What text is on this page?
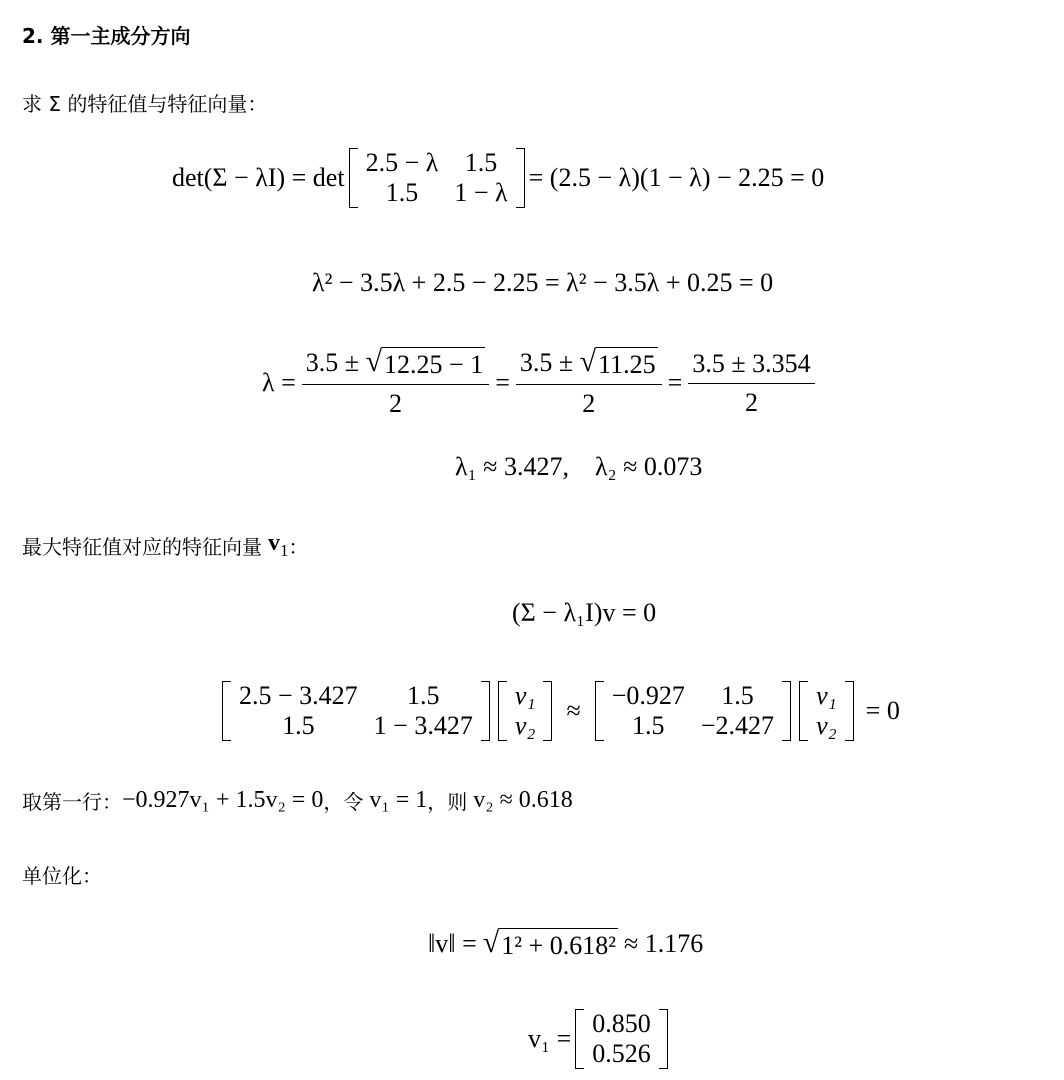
2. 第一主成分方向
求 Σ 的特征值与特征向量：
det(Σ − λI) = det
2.5 − λ	1.5
1.5	1 − λ
= (2.5 − λ)(1 − λ) − 2.25 = 0
λ² − 3.5λ + 2.5 − 2.25 = λ² − 3.5λ + 0.25 = 0
$\lambda = \frac{3.5 \pm √ 12.25 - 1}{2} = \frac{3.5 \pm √ 11.25}{2} = \frac{3.5 \pm 3.354}{2}$
λ₁ ≈ 3.427,    λ₂ ≈ 0.073
最大特征值对应的特征向量 $v_1$ ：
(Σ − λ₁I)v = 0
2.5 − 3.427	1.5
1.5	1 − 3.427
v₁
v₂
≈
−0.927	1.5
1.5	−2.427
v₁
v₂
= 0
取第一行： −0.927v₁ + 1.5v₂ = 0 ，令 v₁ = 1 ，则 v₂ ≈ 0.618
单位化：
‖v‖ = √ 1² + 0.618² ≈ 1.176
v₁ =
0.850
0.526
